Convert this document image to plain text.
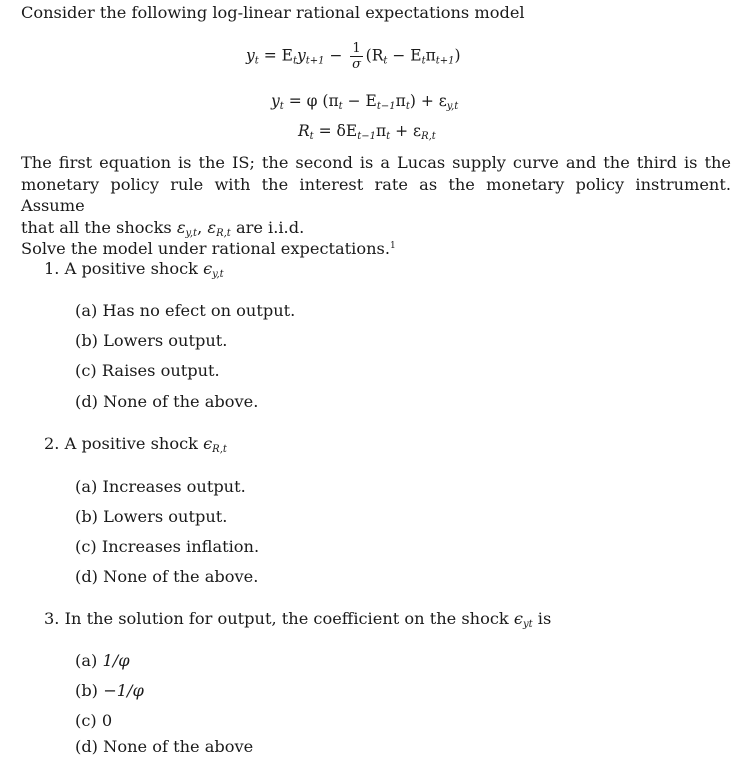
Consider the following log-linear rational expectations model
$y_t = E_ty_{t+1} - \frac{1}{\sigma} (R_t - E_t\pi_{t+1})$
$y_t = \varphi$ $(\pi_t - E_{t-1}\pi_t) + \varepsilon_{y,t}$
$R_t = \delta E_{t-1}\pi_t + \varepsilon_{R,t}$
The first equation is the IS; the second is a Lucas supply curve and the third is the
monetary policy rule with the interest rate as the monetary policy instrument. Assume
that all the shocks $\varepsilon_{y,t}$, $\varepsilon_{R,t}$ are i.i.d.
Solve the model under rational expectations.$^1$
1. A positive shock $\epsilon_{y,t}$
(a) Has no efect on output.
(b) Lowers output.
(c) Raises output.
(d) None of the above.
2. A positive shock $\epsilon_{R,t}$
(a) Increases output.
(b) Lowers output.
(c) Increases inflation.
(d) None of the above.
3. In the solution for output, the coefficient on the shock $\epsilon_{yt}$ is
(a) 1/φ
(b) −1/φ
(c) 0
(d) None of the above
